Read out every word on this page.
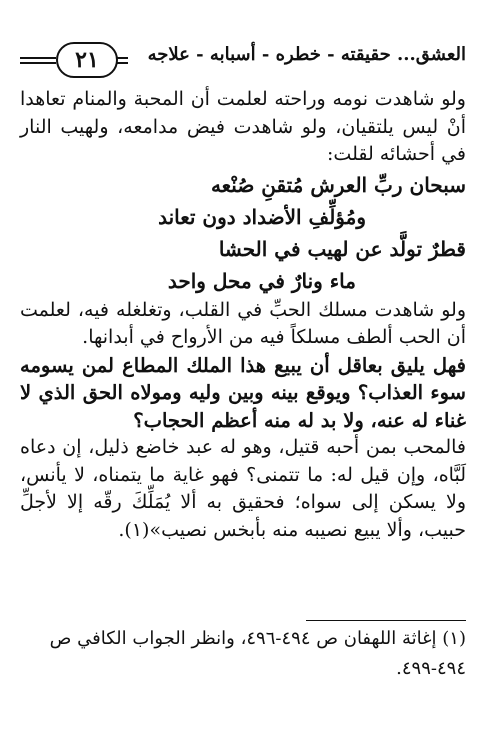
٢١	العشق... حقيقته - خطره - أسبابه - علاجه

ولو شاهدت نومه وراحته لعلمت أن المحبة والمنام تعاهدا أنْ ليس يلتقيان، ولو شاهدت فيض مدامعه، ولهيب النار في أحشائه لقلت:

سبحان ربِّ العرش مُتقنِ صُنْعه

ومُؤلِّفِ الأضداد دون تعاند

قطرٌ تولَّد عن لهيب في الحشا

ماء ونارٌ في محل واحد

ولو شاهدت مسلك الحبِّ في القلب، وتغلغله فيه، لعلمت أن الحب ألطف مسلكاً فيه من الأرواح في أبدانها.

فهل يليق بعاقل أن يبيع هذا الملك المطاع لمن يسومه سوء العذاب؟ ويوقع بينه وبين وليه ومولاه الحق الذي لا غناء له عنه، ولا بد له منه أعظم الحجاب؟

فالمحب بمن أحبه قتيل، وهو له عبد خاضع ذليل، إن دعاه لَبَّاه، وإن قيل له: ما تتمنى؟ فهو غاية ما يتمناه، لا يأنس، ولا يسكن إلى سواه؛ فحقيق به ألا يُمَلِّكَ رقّه إلا لأجلِّ حبيب، وألا يبيع نصيبه منه بأبخس نصيب»(١).

(١) إغاثة اللهفان ص ٤٩٤-٤٩٦، وانظر الجواب الكافي ص ٤٩٤-٤٩٩.
